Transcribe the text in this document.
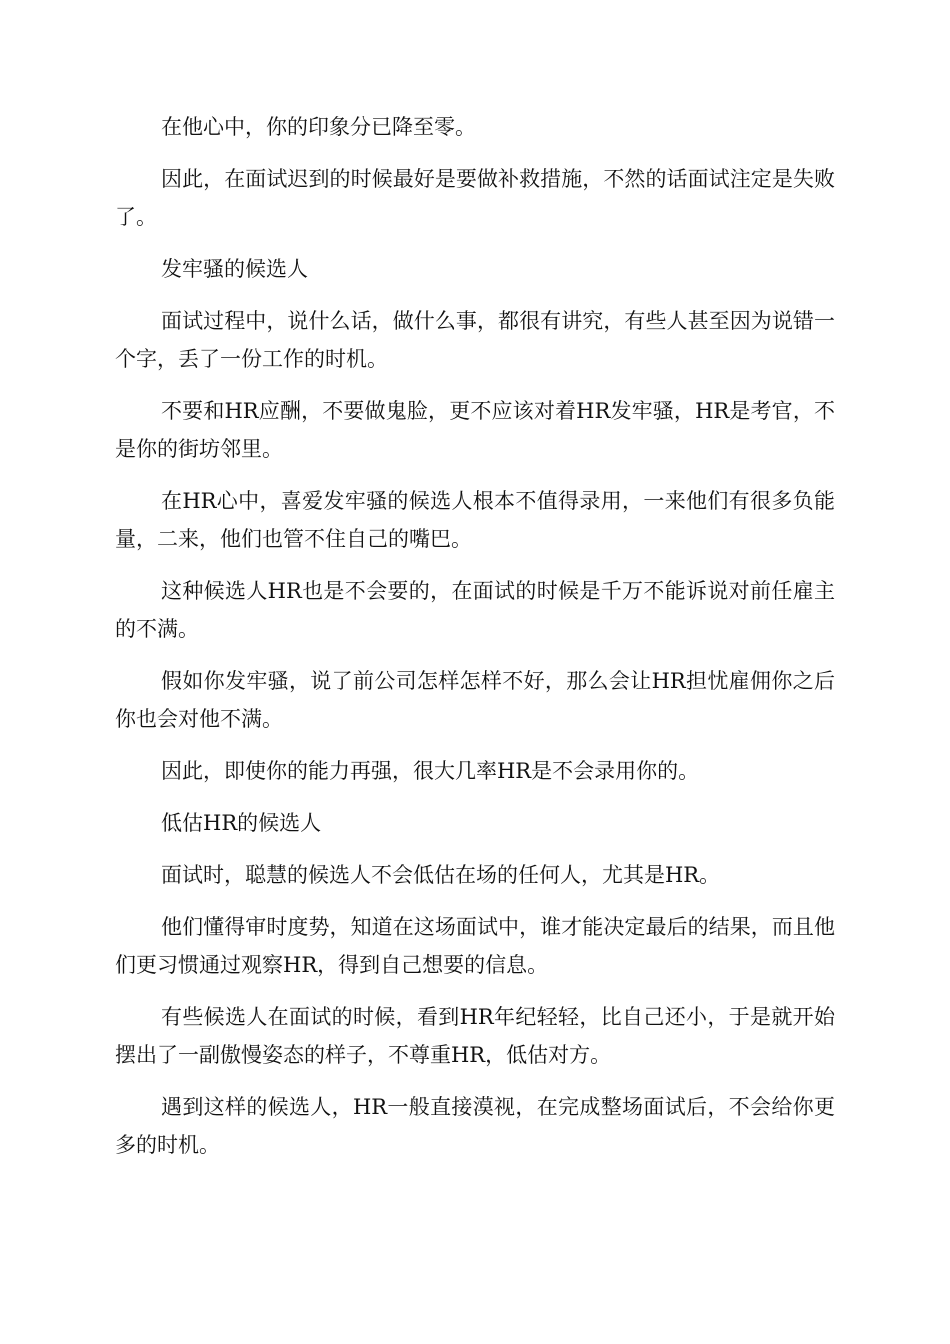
在他心中，你的印象分已降至零。

因此，在面试迟到的时候最好是要做补救措施，不然的话面试注定是失败了。

发牢骚的候选人

面试过程中，说什么话，做什么事，都很有讲究，有些人甚至因为说错一个字，丢了一份工作的时机。

不要和HR应酬，不要做鬼脸，更不应该对着HR发牢骚，HR是考官，不是你的街坊邻里。

在HR心中，喜爱发牢骚的候选人根本不值得录用，一来他们有很多负能量，二来，他们也管不住自己的嘴巴。

这种候选人HR也是不会要的，在面试的时候是千万不能诉说对前任雇主的不满。

假如你发牢骚，说了前公司怎样怎样不好，那么会让HR担忧雇佣你之后你也会对他不满。

因此，即使你的能力再强，很大几率HR是不会录用你的。

低估HR的候选人

面试时，聪慧的候选人不会低估在场的任何人，尤其是HR。

他们懂得审时度势，知道在这场面试中，谁才能决定最后的结果，而且他们更习惯通过观察HR，得到自己想要的信息。

有些候选人在面试的时候，看到HR年纪轻轻，比自己还小，于是就开始摆出了一副傲慢姿态的样子，不尊重HR，低估对方。

遇到这样的候选人，HR一般直接漠视，在完成整场面试后，不会给你更多的时机。
